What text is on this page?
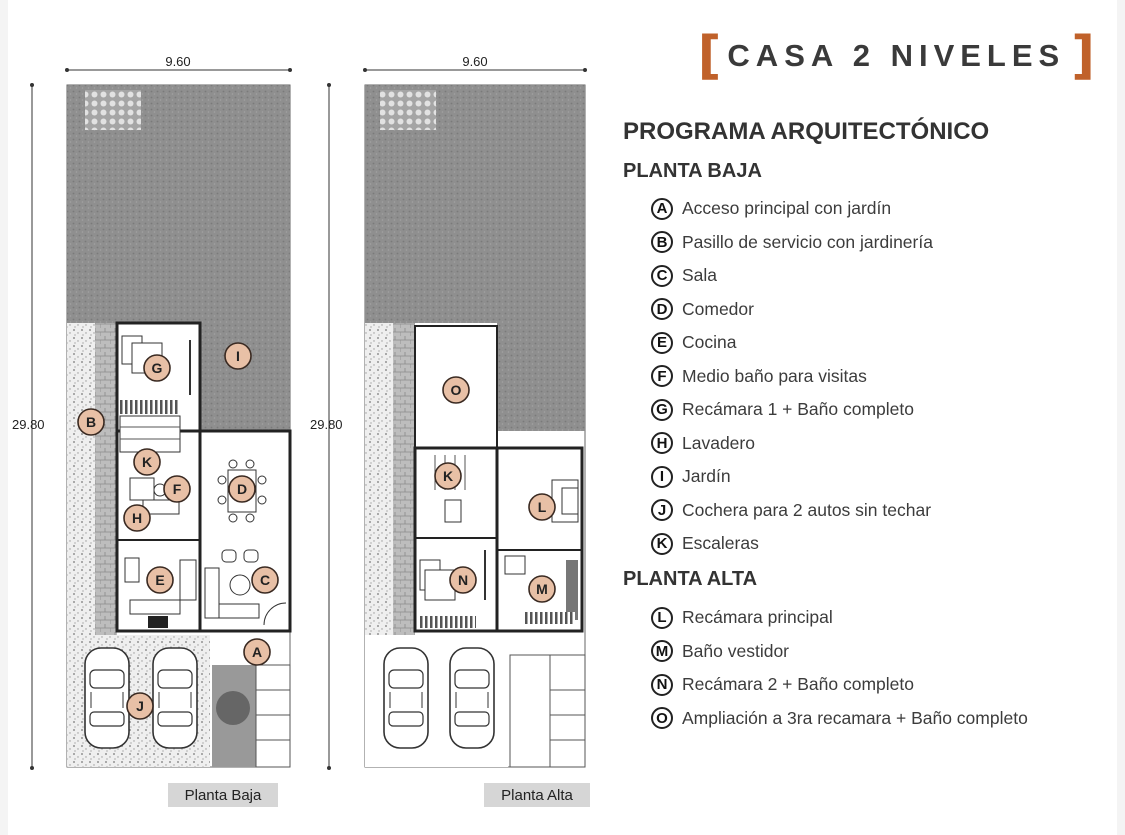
[ CASA 2 NIVELES ]
PROGRAMA ARQUITECTÓNICO
PLANTA BAJA
A Acceso principal con jardín
B Pasillo de servicio con jardinería
C Sala
D Comedor
E Cocina
F Medio baño para visitas
G Recámara 1 + Baño completo
H Lavadero
I	Jardín
J Cochera para 2 autos sin techar
K Escaleras
PLANTA ALTA
L Recámara principal
M Baño vestidor
N Recámara 2 + Baño completo
O Ampliación a 3ra recamara + Baño completo
9.60
29.80
9.60
29.80
G
I
B
K
F	D
H
E	C
A
J
O
K
L
N
M
Planta Baja	Planta Alta
